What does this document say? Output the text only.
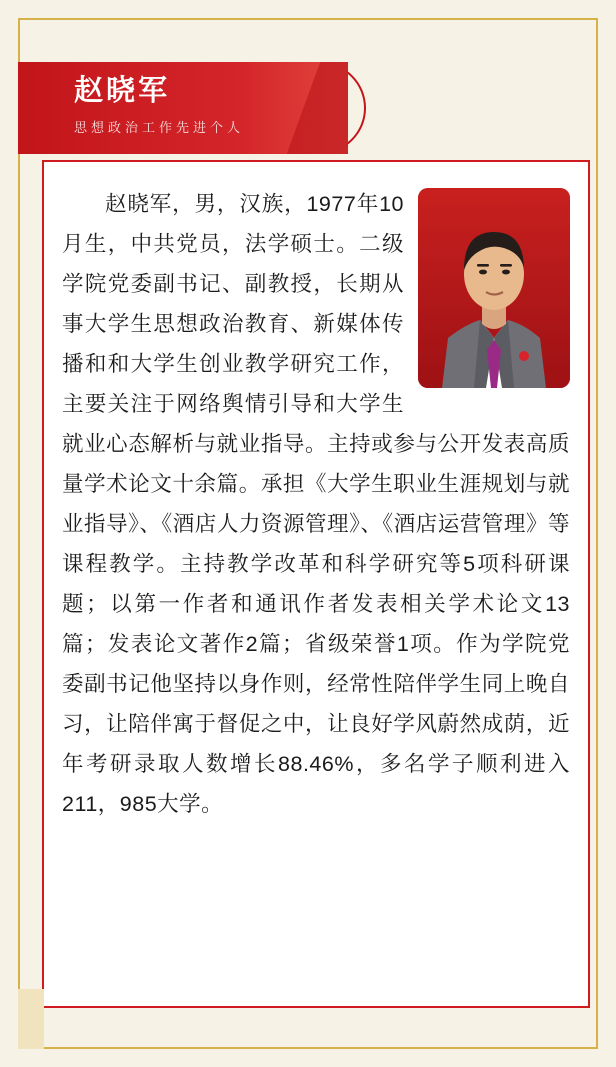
赵晓军
思想政治工作先进个人

赵晓军，男，汉族，1977年10月生，中共党员，法学硕士。二级学院党委副书记、副教授，长期从事大学生思想政治教育、新媒体传播和和大学生创业教学研究工作，主要关注于网络舆情引导和大学生就业心态解析与就业指导。主持或参与公开发表高质量学术论文十余篇。承担《大学生职业生涯规划与就业指导》、《酒店人力资源管理》、《酒店运营管理》等课程教学。主持教学改革和科学研究等5项科研课题；以第一作者和通讯作者发表相关学术论文13篇；发表论文著作2篇；省级荣誉1项。作为学院党委副书记他坚持以身作则，经常性陪伴学生同上晚自习，让陪伴寓于督促之中，让良好学风蔚然成荫，近年考研录取人数增长88.46%，多名学子顺利进入211，985大学。
